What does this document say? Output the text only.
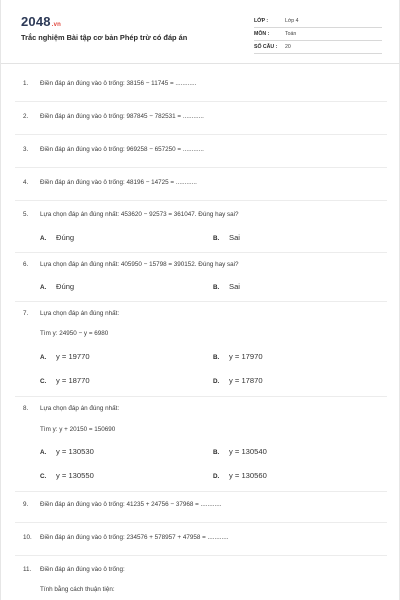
2048.vn
Trắc nghiệm Bài tập cơ bản Phép trừ có đáp án
LỚP :	Lớp 4
MÔN :	Toán
SỐ CÂU : 20
1. Điền đáp án đúng vào ô trống: 38156 − 11745 = ............
2. Điền đáp án đúng vào ô trống: 987845 − 782531 = ............
3. Điền đáp án đúng vào ô trống: 969258 − 657250 = ............
4. Điền đáp án đúng vào ô trống: 48196 − 14725 = ............
5. Lựa chọn đáp án đúng nhất: 453620 − 92573 = 361047. Đúng hay sai?
A. Đúng	B. Sai
6. Lựa chọn đáp án đúng nhất: 405950 − 15798 = 390152. Đúng hay sai?
A. Đúng	B. Sai
7. Lựa chọn đáp án đúng nhất:
Tìm y: 24950 − y = 6980
A. y = 19770	B. y = 17970
C. y = 18770	D. y = 17870
8. Lựa chọn đáp án đúng nhất:
Tìm y: y + 20150 = 150690
A. y = 130530	B. y = 130540
C. y = 130550	D. y = 130560
9. Điền đáp án đúng vào ô trống: 41235 + 24756 − 37968 = ............
10. Điền đáp án đúng vào ô trống: 234576 + 578957 + 47958 = ............
11. Điền đáp án đúng vào ô trống:
Tính bằng cách thuận tiện:
